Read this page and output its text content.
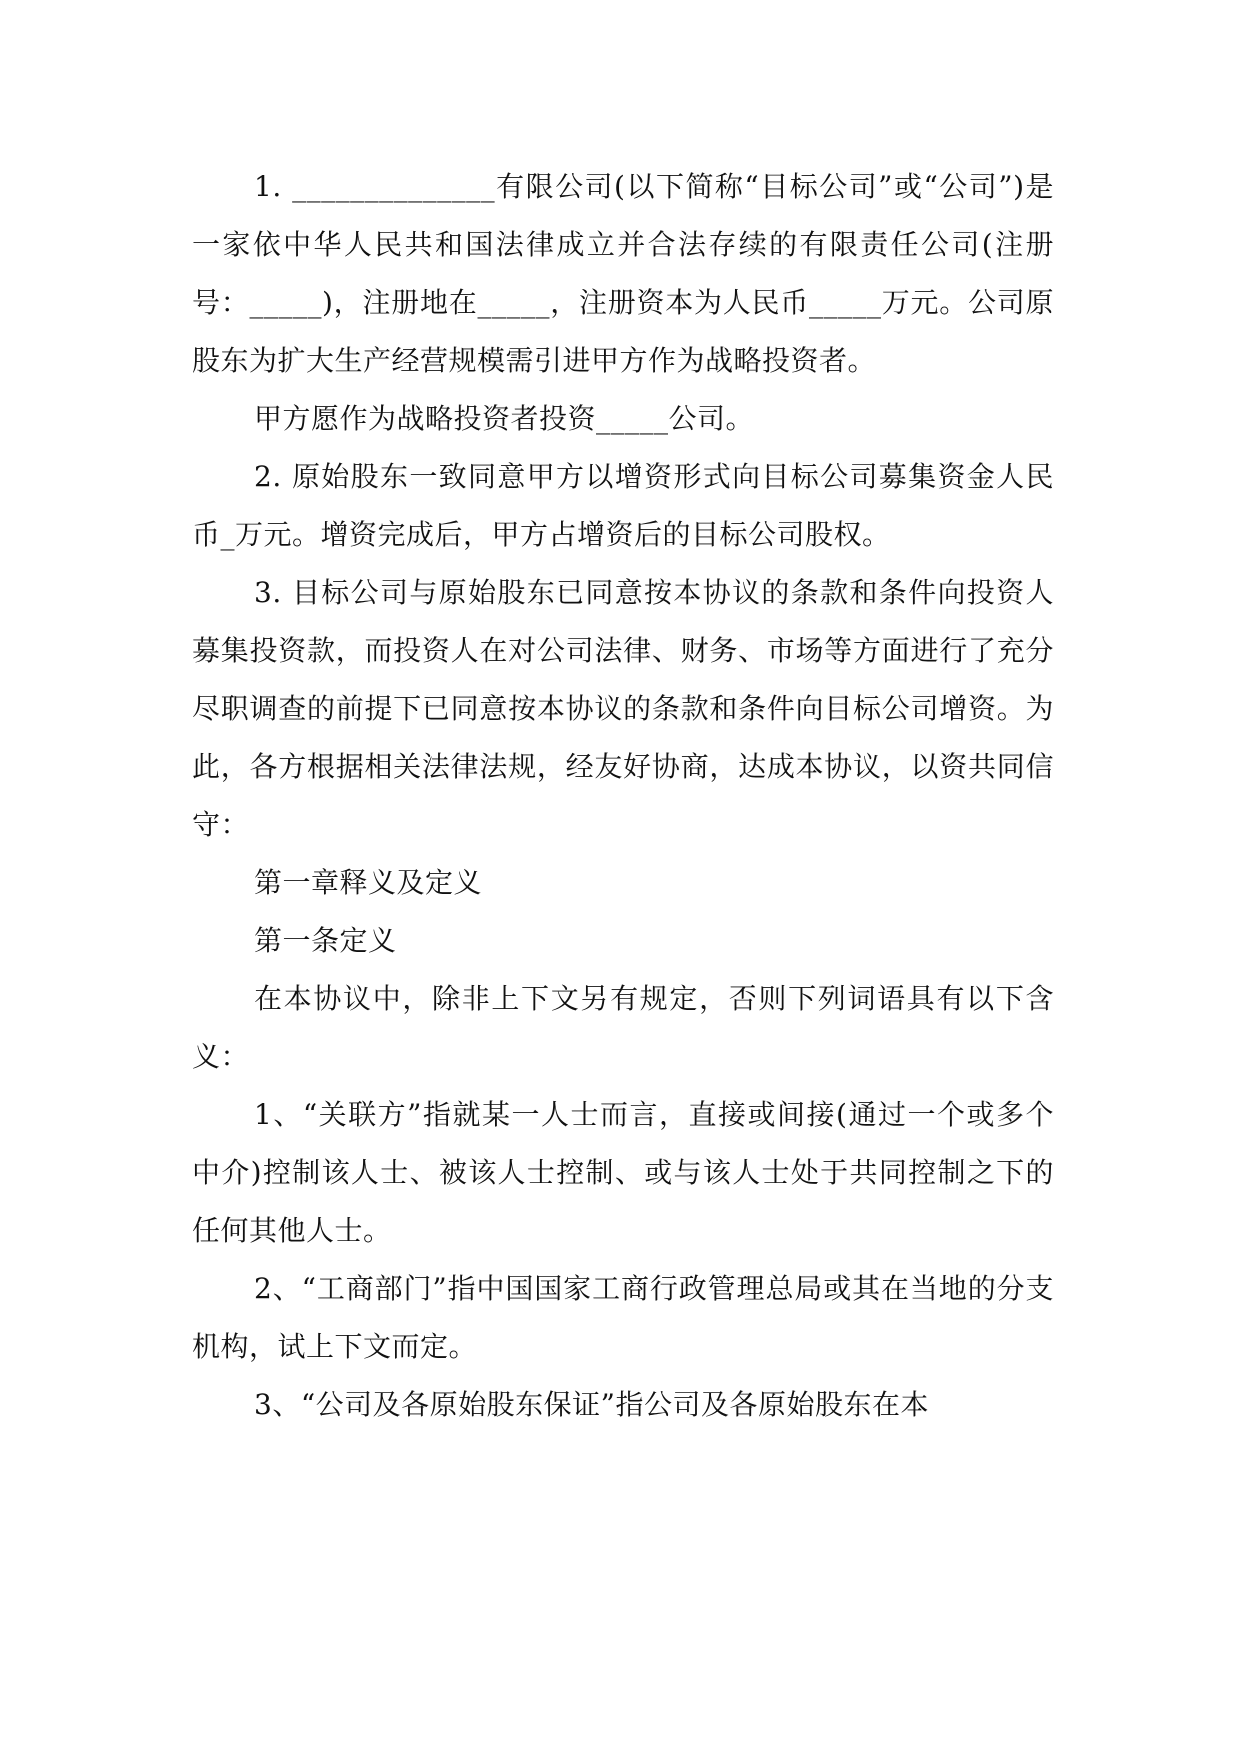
1. ______________有限公司(以下简称“目标公司”或“公司”)是一家依中华人民共和国法律成立并合法存续的有限责任公司(注册号：_____)，注册地在_____，注册资本为人民币_____万元。公司原股东为扩大生产经营规模需引进甲方作为战略投资者。

甲方愿作为战略投资者投资_____公司。

2. 原始股东一致同意甲方以增资形式向目标公司募集资金人民币_万元。增资完成后，甲方占增资后的目标公司股权。

3. 目标公司与原始股东已同意按本协议的条款和条件向投资人募集投资款，而投资人在对公司法律、财务、市场等方面进行了充分尽职调查的前提下已同意按本协议的条款和条件向目标公司增资。为此，各方根据相关法律法规，经友好协商，达成本协议，以资共同信守：

第一章释义及定义

第一条定义

在本协议中，除非上下文另有规定，否则下列词语具有以下含义：

1、“关联方”指就某一人士而言，直接或间接(通过一个或多个中介)控制该人士、被该人士控制、或与该人士处于共同控制之下的任何其他人士。

2、“工商部门”指中国国家工商行政管理总局或其在当地的分支机构，试上下文而定。

3、“公司及各原始股东保证”指公司及各原始股东在本
